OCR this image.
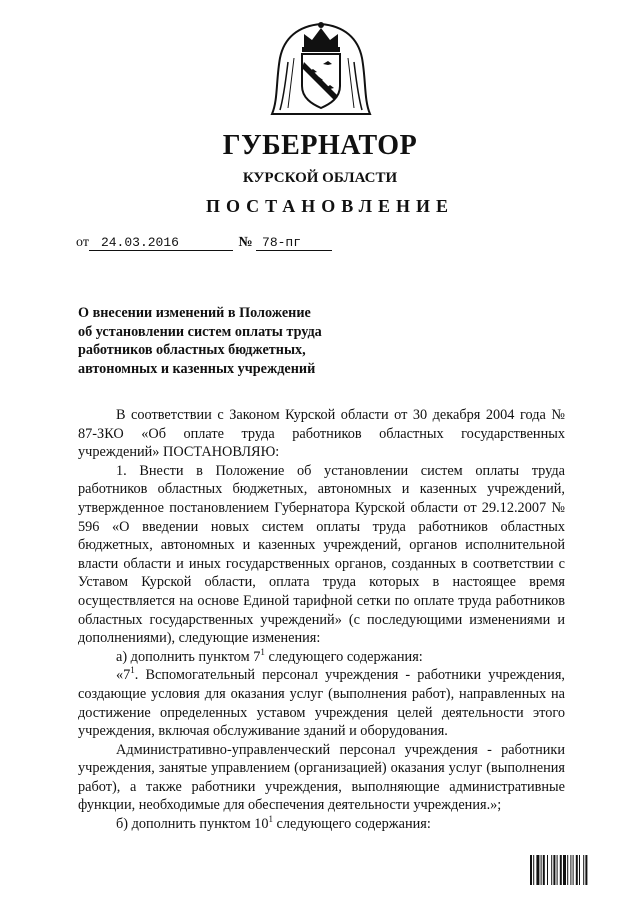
ГУБЕРНАТОР
КУРСКОЙ ОБЛАСТИ
ПОСТАНОВЛЕНИЕ
от 24.03.2016	№ 78-пг
О внесении изменений в Положение
об установлении систем оплаты труда
работников областных бюджетных,
автономных и казенных учреждений

В соответствии с Законом Курской области от 30 декабря 2004 года № 87-ЗКО «Об оплате труда работников областных государственных учреждений» ПОСТАНОВЛЯЮ:

1. Внести в Положение об установлении систем оплаты труда работников областных бюджетных, автономных и казенных учреждений, утвержденное постановлением Губернатора Курской области от 29.12.2007 № 596 «О введении новых систем оплаты труда работников областных бюджетных, автономных и казенных учреждений, органов исполнительной власти области и иных государственных органов, созданных в соответствии с Уставом Курской области, оплата труда которых в настоящее время осуществляется на основе Единой тарифной сетки по оплате труда работников областных государственных учреждений» (с последующими изменениями и дополнениями), следующие изменения:

а) дополнить пунктом $7^1$ следующего содержания:

«$7^1$. Вспомогательный персонал учреждения - работники учреждения, создающие условия для оказания услуг (выполнения работ), направленных на достижение определенных уставом учреждения целей деятельности этого учреждения, включая обслуживание зданий и оборудования.

Административно-управленческий персонал учреждения - работники учреждения, занятые управлением (организацией) оказания услуг (выполнения работ), а также работники учреждения, выполняющие административные функции, необходимые для обеспечения деятельности учреждения.»;

б) дополнить пунктом $10^1$ следующего содержания:
